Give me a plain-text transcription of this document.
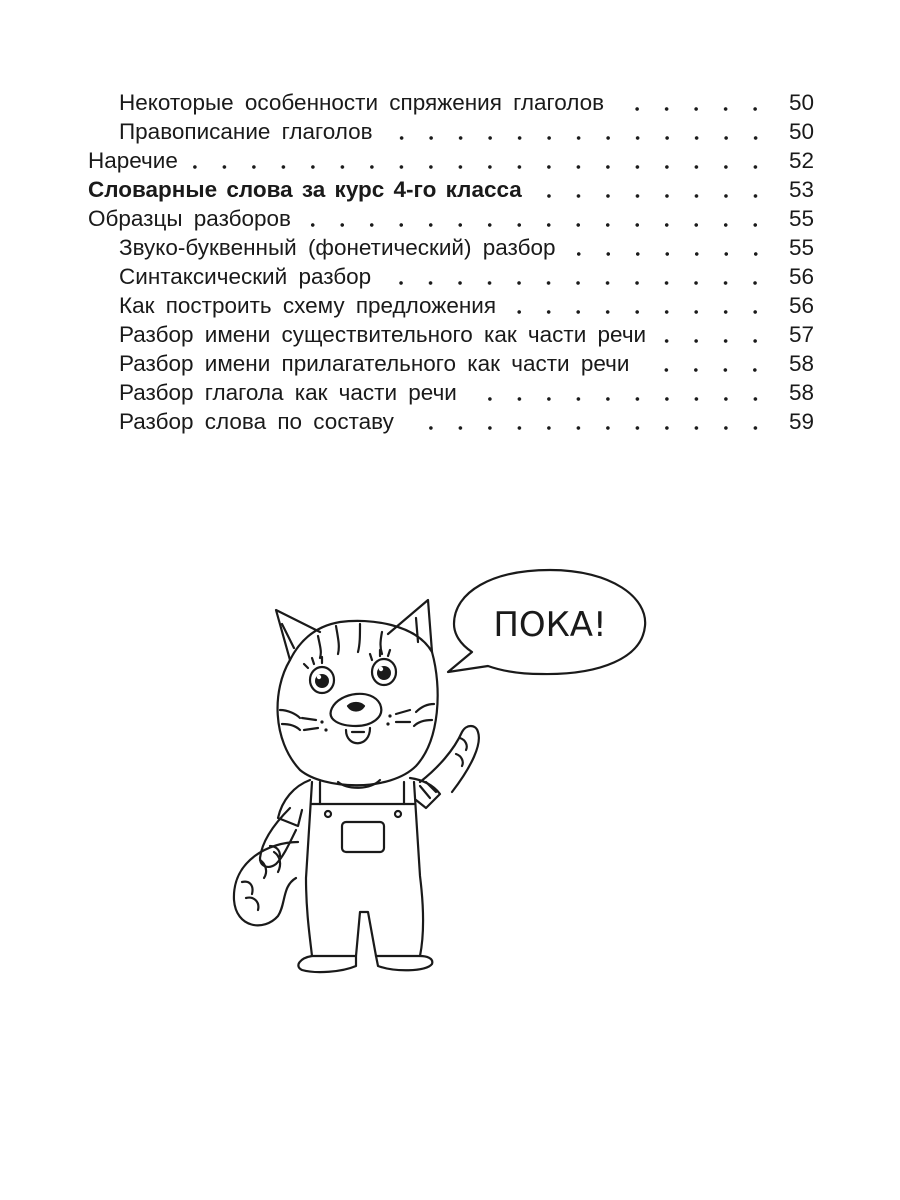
Некоторые особенности спряжения глаголов	50
Правописание глаголов	50
Наречие	52
Словарные слова за курс 4-го класса	53
Образцы разборов	55
Звуко-буквенный (фонетический) разбор	55
Синтаксический разбор	56
Как построить схему предложения	56
Разбор имени существительного как части речи	57
Разбор имени прилагательного как части речи	58
Разбор глагола как части речи	58
Разбор слова по составу	59
ПОКА!
